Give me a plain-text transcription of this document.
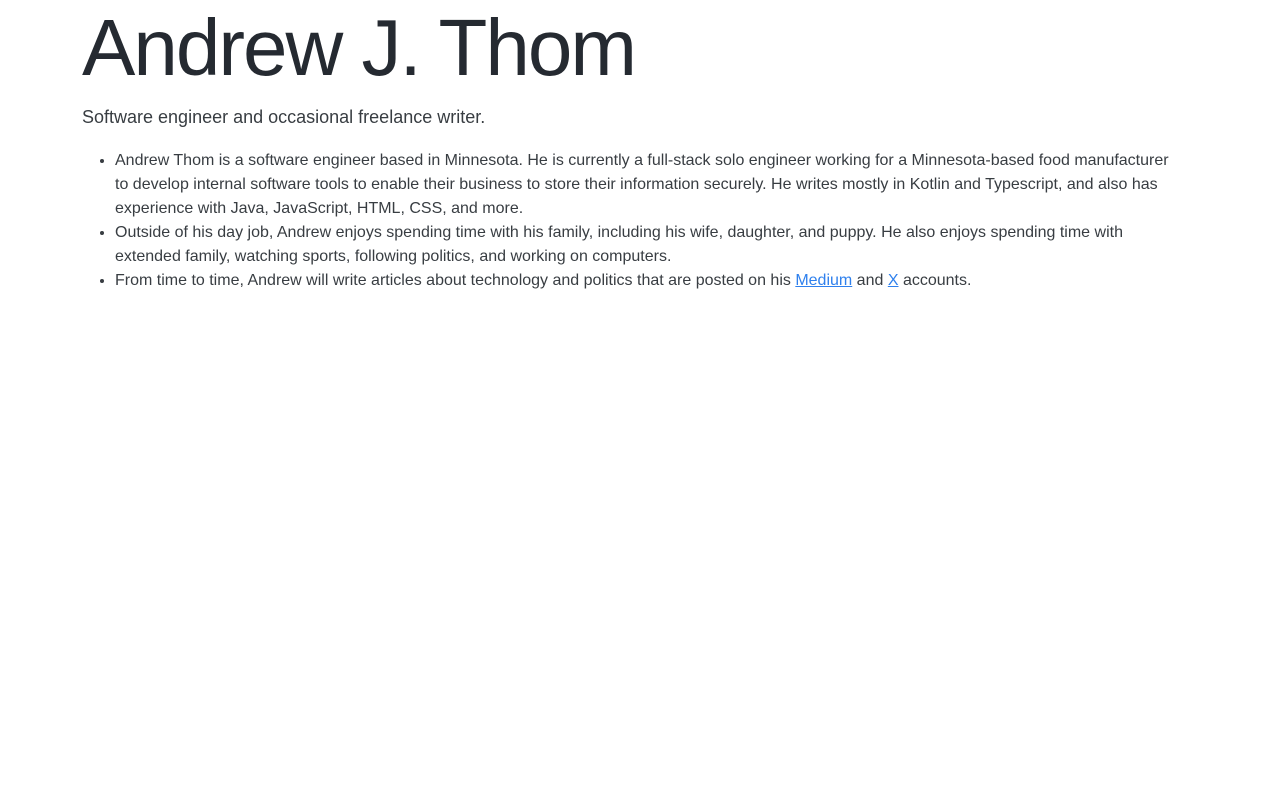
Andrew J. Thom

Software engineer and occasional freelance writer.

• Andrew Thom is a software engineer based in Minnesota. He is currently a full-stack solo engineer working for a Minnesota-based food manufacturer to develop internal software tools to enable their business to store their information securely. He writes mostly in Kotlin and Typescript, and also has experience with Java, JavaScript, HTML, CSS, and more.
• Outside of his day job, Andrew enjoys spending time with his family, including his wife, daughter, and puppy. He also enjoys spending time with extended family, watching sports, following politics, and working on computers.
• From time to time, Andrew will write articles about technology and politics that are posted on his Medium and X accounts.
